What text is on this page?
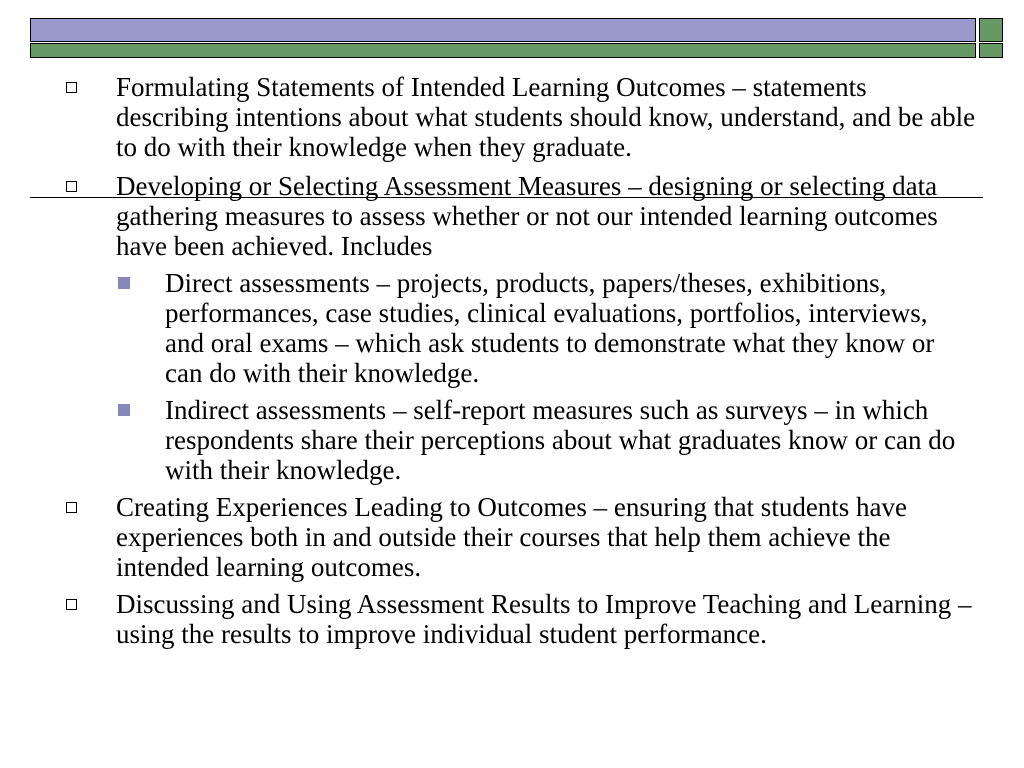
Formulating Statements of Intended Learning Outcomes – statements describing intentions about what students should know, understand, and be able to do with their knowledge when they graduate.
Developing or Selecting Assessment Measures – designing or selecting data gathering measures to assess whether or not our intended learning outcomes have been achieved. Includes
Direct assessments – projects, products, papers/theses, exhibitions, performances, case studies, clinical evaluations, portfolios, interviews, and oral exams – which ask students to demonstrate what they know or can do with their knowledge.
Indirect assessments – self-report measures such as surveys – in which respondents share their perceptions about what graduates know or can do with their knowledge.
Creating Experiences Leading to Outcomes – ensuring that students have experiences both in and outside their courses that help them achieve the intended learning outcomes.
Discussing and Using Assessment Results to Improve Teaching and Learning – using the results to improve individual student performance.
